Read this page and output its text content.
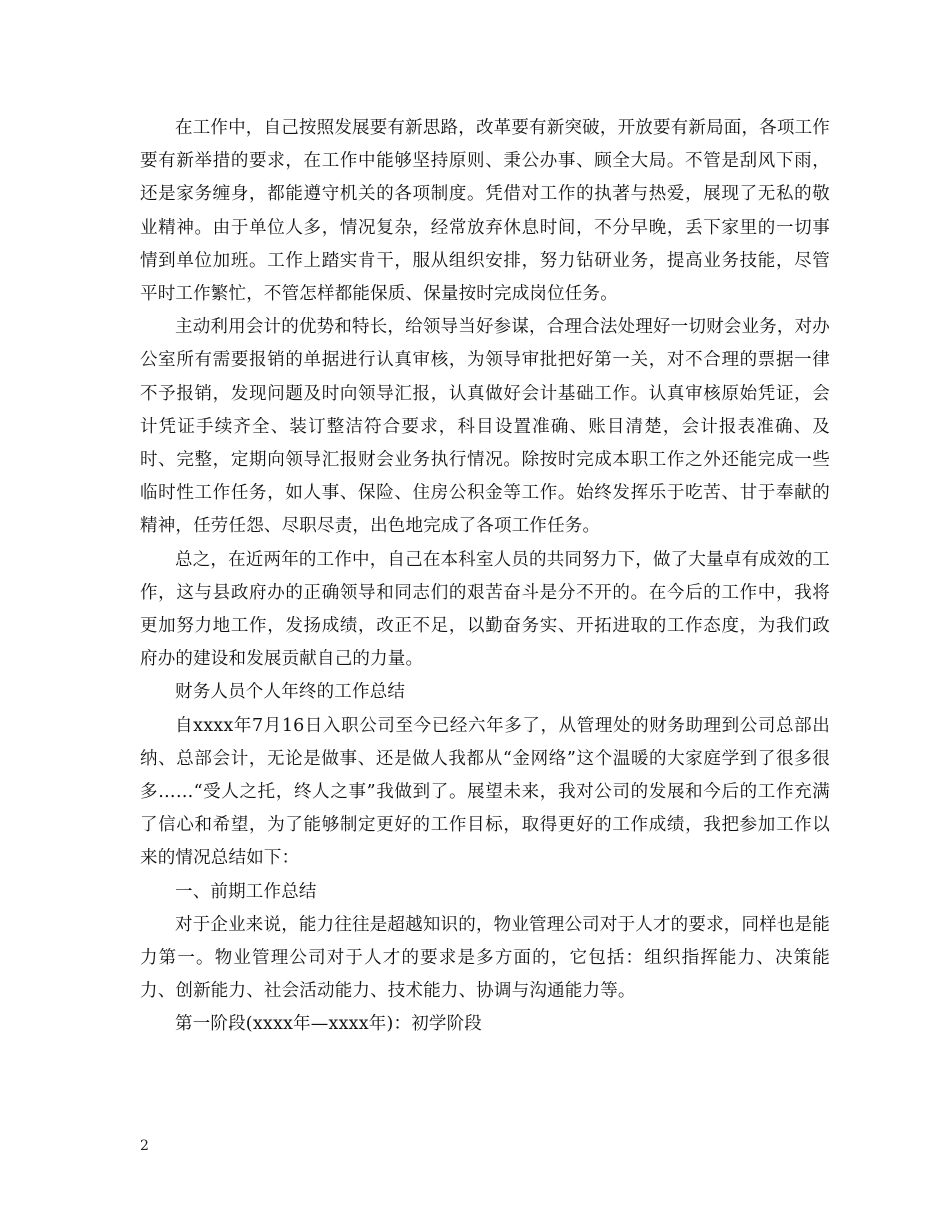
在工作中，自己按照发展要有新思路，改革要有新突破，开放要有新局面，各项工作要有新举措的要求，在工作中能够坚持原则、秉公办事、顾全大局。不管是刮风下雨，还是家务缠身，都能遵守机关的各项制度。凭借对工作的执著与热爱，展现了无私的敬业精神。由于单位人多，情况复杂，经常放弃休息时间，不分早晚，丢下家里的一切事情到单位加班。工作上踏实肯干，服从组织安排，努力钻研业务，提高业务技能，尽管平时工作繁忙，不管怎样都能保质、保量按时完成岗位任务。

主动利用会计的优势和特长，给领导当好参谋，合理合法处理好一切财会业务，对办公室所有需要报销的单据进行认真审核，为领导审批把好第一关，对不合理的票据一律不予报销，发现问题及时向领导汇报，认真做好会计基础工作。认真审核原始凭证，会计凭证手续齐全、装订整洁符合要求，科目设置准确、账目清楚，会计报表准确、及时、完整，定期向领导汇报财会业务执行情况。除按时完成本职工作之外还能完成一些临时性工作任务，如人事、保险、住房公积金等工作。始终发挥乐于吃苦、甘于奉献的精神，任劳任怨、尽职尽责，出色地完成了各项工作任务。

总之，在近两年的工作中，自己在本科室人员的共同努力下，做了大量卓有成效的工作，这与县政府办的正确领导和同志们的艰苦奋斗是分不开的。在今后的工作中，我将更加努力地工作，发扬成绩，改正不足，以勤奋务实、开拓进取的工作态度，为我们政府办的建设和发展贡献自己的力量。

财务人员个人年终的工作总结

自xxxx年7月16日入职公司至今已经六年多了，从管理处的财务助理到公司总部出纳、总部会计，无论是做事、还是做人我都从“金网络”这个温暖的大家庭学到了很多很多……“受人之托，终人之事”我做到了。展望未来，我对公司的发展和今后的工作充满了信心和希望，为了能够制定更好的工作目标，取得更好的工作成绩，我把参加工作以来的情况总结如下：

一、前期工作总结

对于企业来说，能力往往是超越知识的，物业管理公司对于人才的要求，同样也是能力第一。物业管理公司对于人才的要求是多方面的，它包括：组织指挥能力、决策能力、创新能力、社会活动能力、技术能力、协调与沟通能力等。

第一阶段(xxxx年—xxxx年)：初学阶段

2
